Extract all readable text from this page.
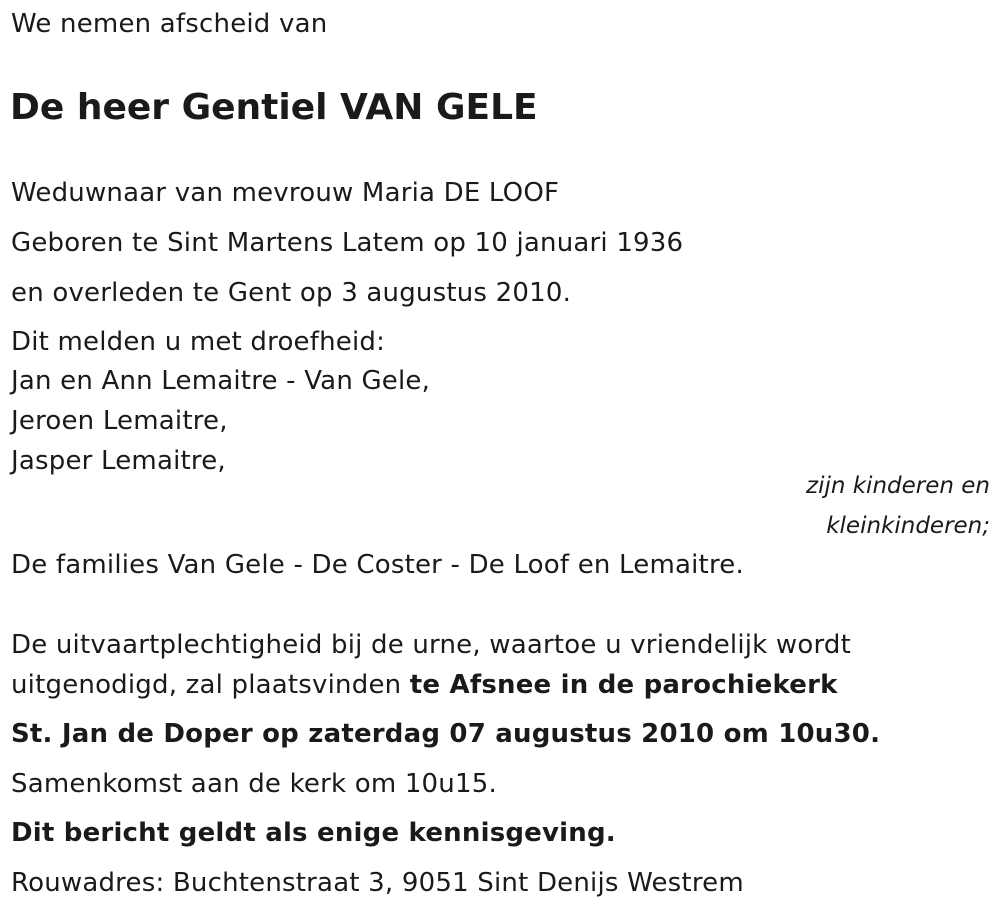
We nemen afscheid van
De heer Gentiel VAN GELE
Weduwnaar van mevrouw Maria DE LOOF
Geboren te Sint Martens Latem op 10 januari 1936
en overleden te Gent op 3 augustus 2010.
Dit melden u met droefheid:
Jan en Ann Lemaitre - Van Gele,
Jeroen Lemaitre,
Jasper Lemaitre,
zijn kinderen en
kleinkinderen;
De families Van Gele - De Coster - De Loof en Lemaitre.
De uitvaartplechtigheid bij de urne, waartoe u vriendelijk wordt
uitgenodigd, zal plaatsvinden te Afsnee in de parochiekerk
St. Jan de Doper op zaterdag 07 augustus 2010 om 10u30.
Samenkomst aan de kerk om 10u15.
Dit bericht geldt als enige kennisgeving.
Rouwadres: Buchtenstraat 3, 9051 Sint Denijs Westrem
